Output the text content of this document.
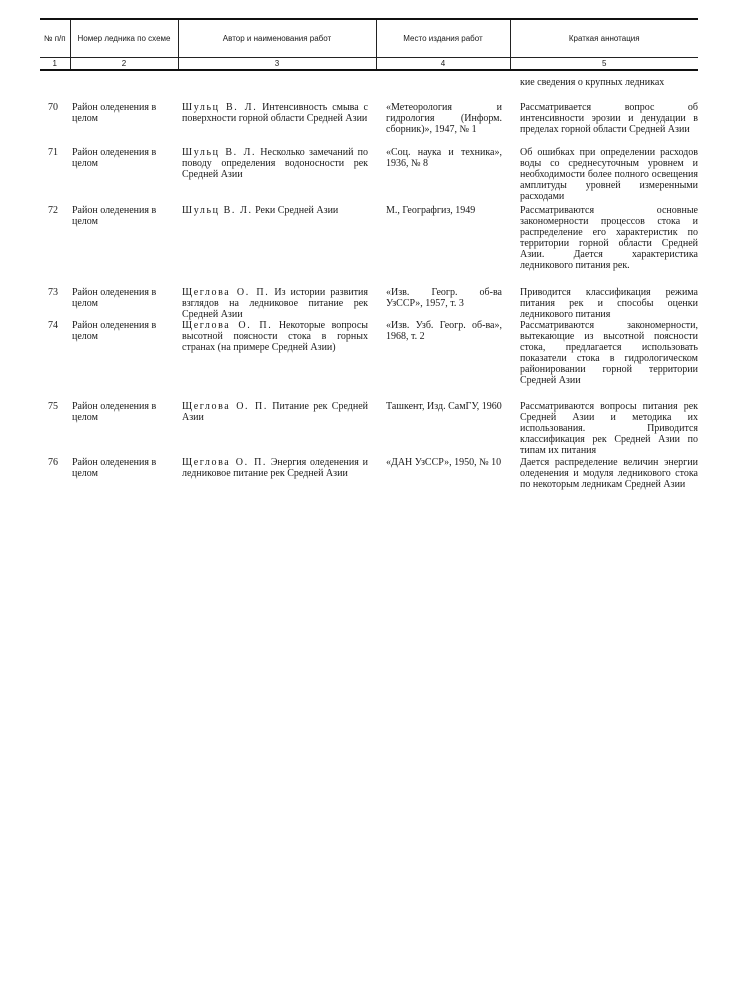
№ п/п	Номер ледника по схеме	Автор и наименования работ	Место издания работ	Краткая аннотация
1	2	3	4	5
				кие сведения о крупных ледниках
70	Район оледенения в целом	Шульц В. Л. Интенсивность смыва с поверхности горной области Средней Азии	«Метеорология и гидрология (Информ. сборник)», 1947, № 1	Рассматривается вопрос об интенсивности эрозии и денудации в пределах горной области Средней Азии
71	Район оледенения в целом	Шульц В. Л. Несколько замечаний по поводу определения водоносности рек Средней Азии	«Соц. наука и техника», 1936, № 8	Об ошибках при определении расходов воды со среднесуточным уровнем и необходимости более полного освещения амплитуды уровней измеренными расходами
72	Район оледенения в целом	Шульц В. Л. Реки Средней Азии	М., Географгиз, 1949	Рассматриваются основные закономерности процессов стока и распределение его характеристик по территории горной области Средней Азии. Дается характеристика ледникового питания рек.
73	Район оледенения в целом	Щеглова О. П. Из истории развития взглядов на ледниковое питание рек Средней Азии	«Изв. Геогр. об-ва УзССР», 1957, т. 3	Приводится классификация режима питания рек и способы оценки ледникового питания
74	Район оледенения в целом	Щеглова О. П. Некоторые вопросы высотной поясности стока в горных странах (на примере Средней Азии)	«Изв. Узб. Геогр. об-ва», 1968, т. 2	Рассматриваются закономерности, вытекающие из высотной поясности стока, предлагается использовать показатели стока в гидрологическом районировании горной территории Средней Азии
75	Район оледенения в целом	Щеглова О. П. Питание рек Средней Азии	Ташкент, Изд. СамГУ, 1960	Рассматриваются вопросы питания рек Средней Азии и методика их использования. Приводится классификация рек Средней Азии по типам их питания
76	Район оледенения в целом	Щеглова О. П. Энергия оледенения и ледниковое питание рек Средней Азии	«ДАН УзССР», 1950, № 10	Дается распределение величин энергии оледенения и модуля ледникового стока по некоторым ледникам Средней Азии
